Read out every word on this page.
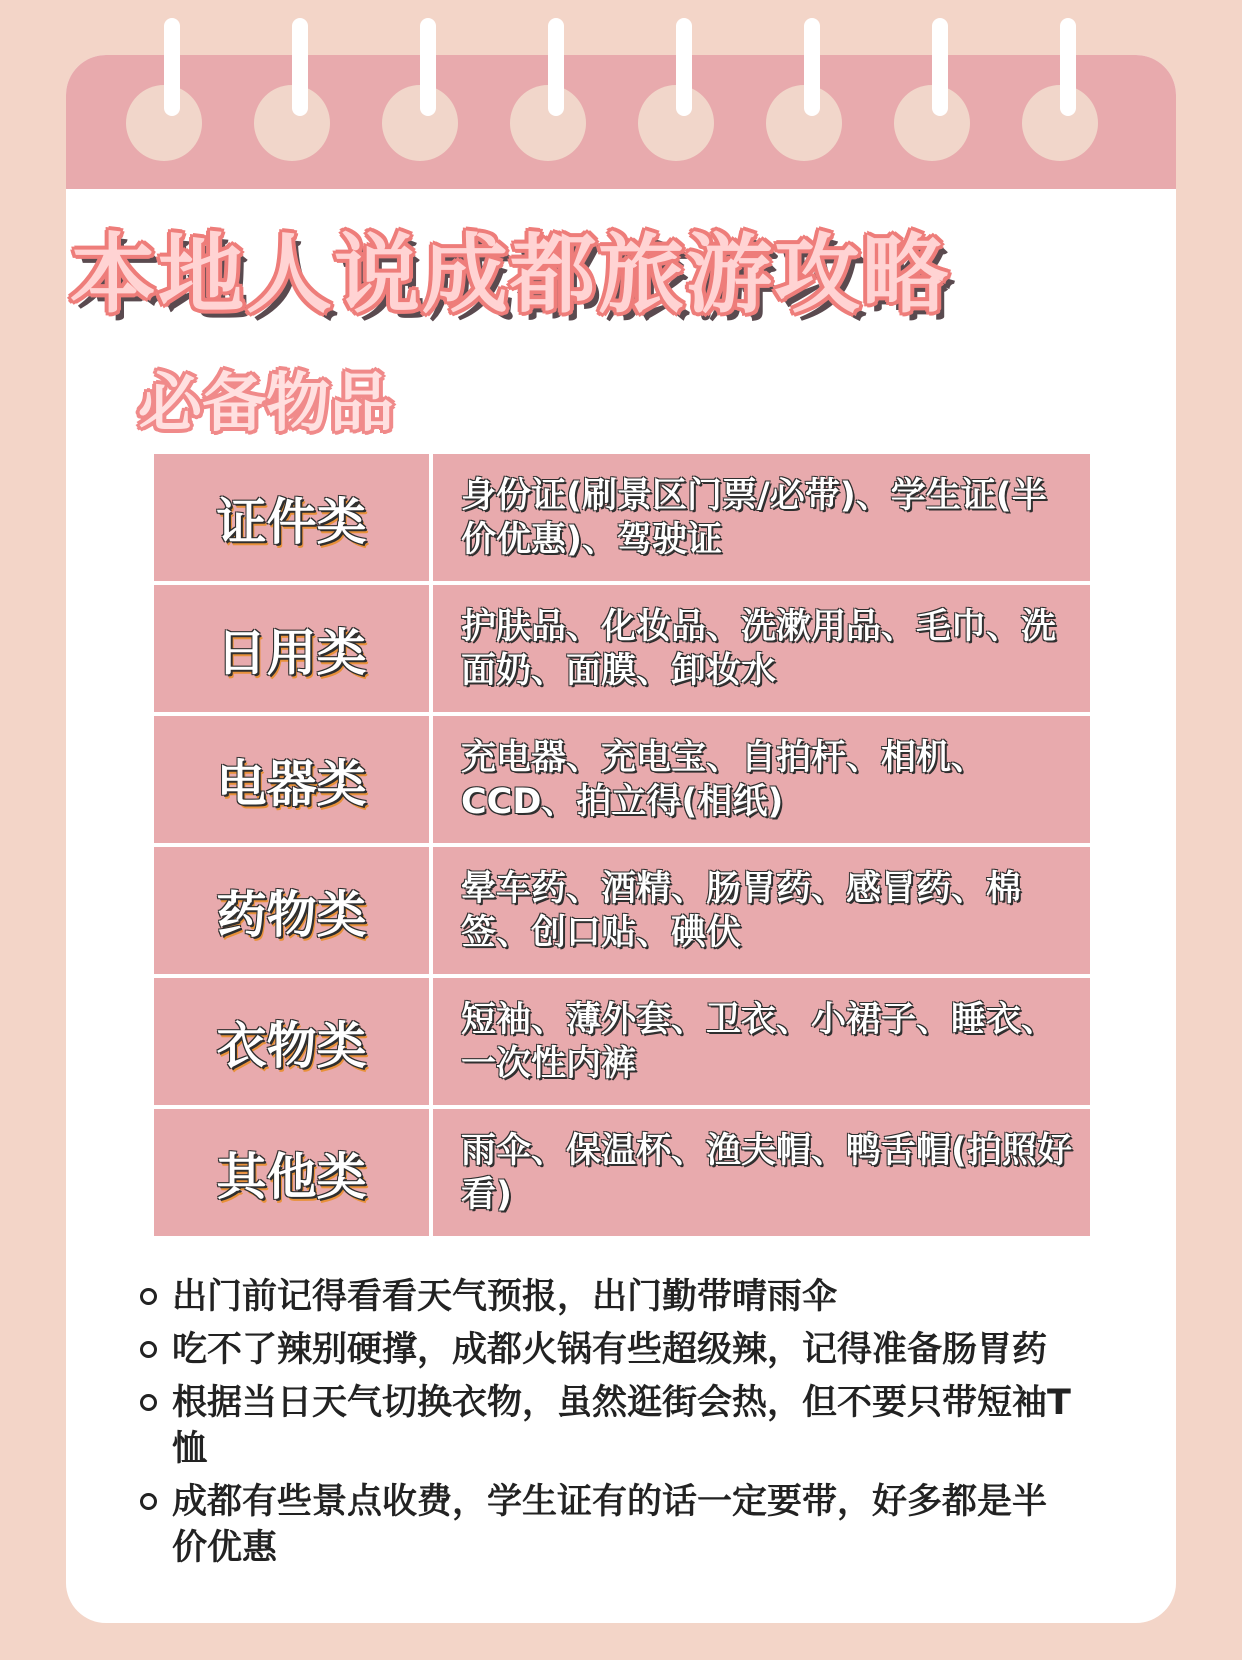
本地人说成都旅游攻略
必备物品
证件类	身份证(刷景区门票/必带)、学生证(半价优惠)、驾驶证
日用类	护肤品、化妆品、洗漱用品、毛巾、洗面奶、面膜、卸妆水
电器类	充电器、充电宝、自拍杆、相机、CCD、拍立得(相纸)
药物类	晕车药、酒精、肠胃药、感冒药、棉签、创口贴、碘伏
衣物类	短袖、薄外套、卫衣、小裙子、睡衣、一次性内裤
其他类	雨伞、保温杯、渔夫帽、鸭舌帽(拍照好看)
出门前记得看看天气预报，出门勤带晴雨伞
吃不了辣别硬撑，成都火锅有些超级辣，记得准备肠胃药
根据当日天气切换衣物，虽然逛街会热，但不要只带短袖T恤
成都有些景点收费，学生证有的话一定要带，好多都是半价优惠
